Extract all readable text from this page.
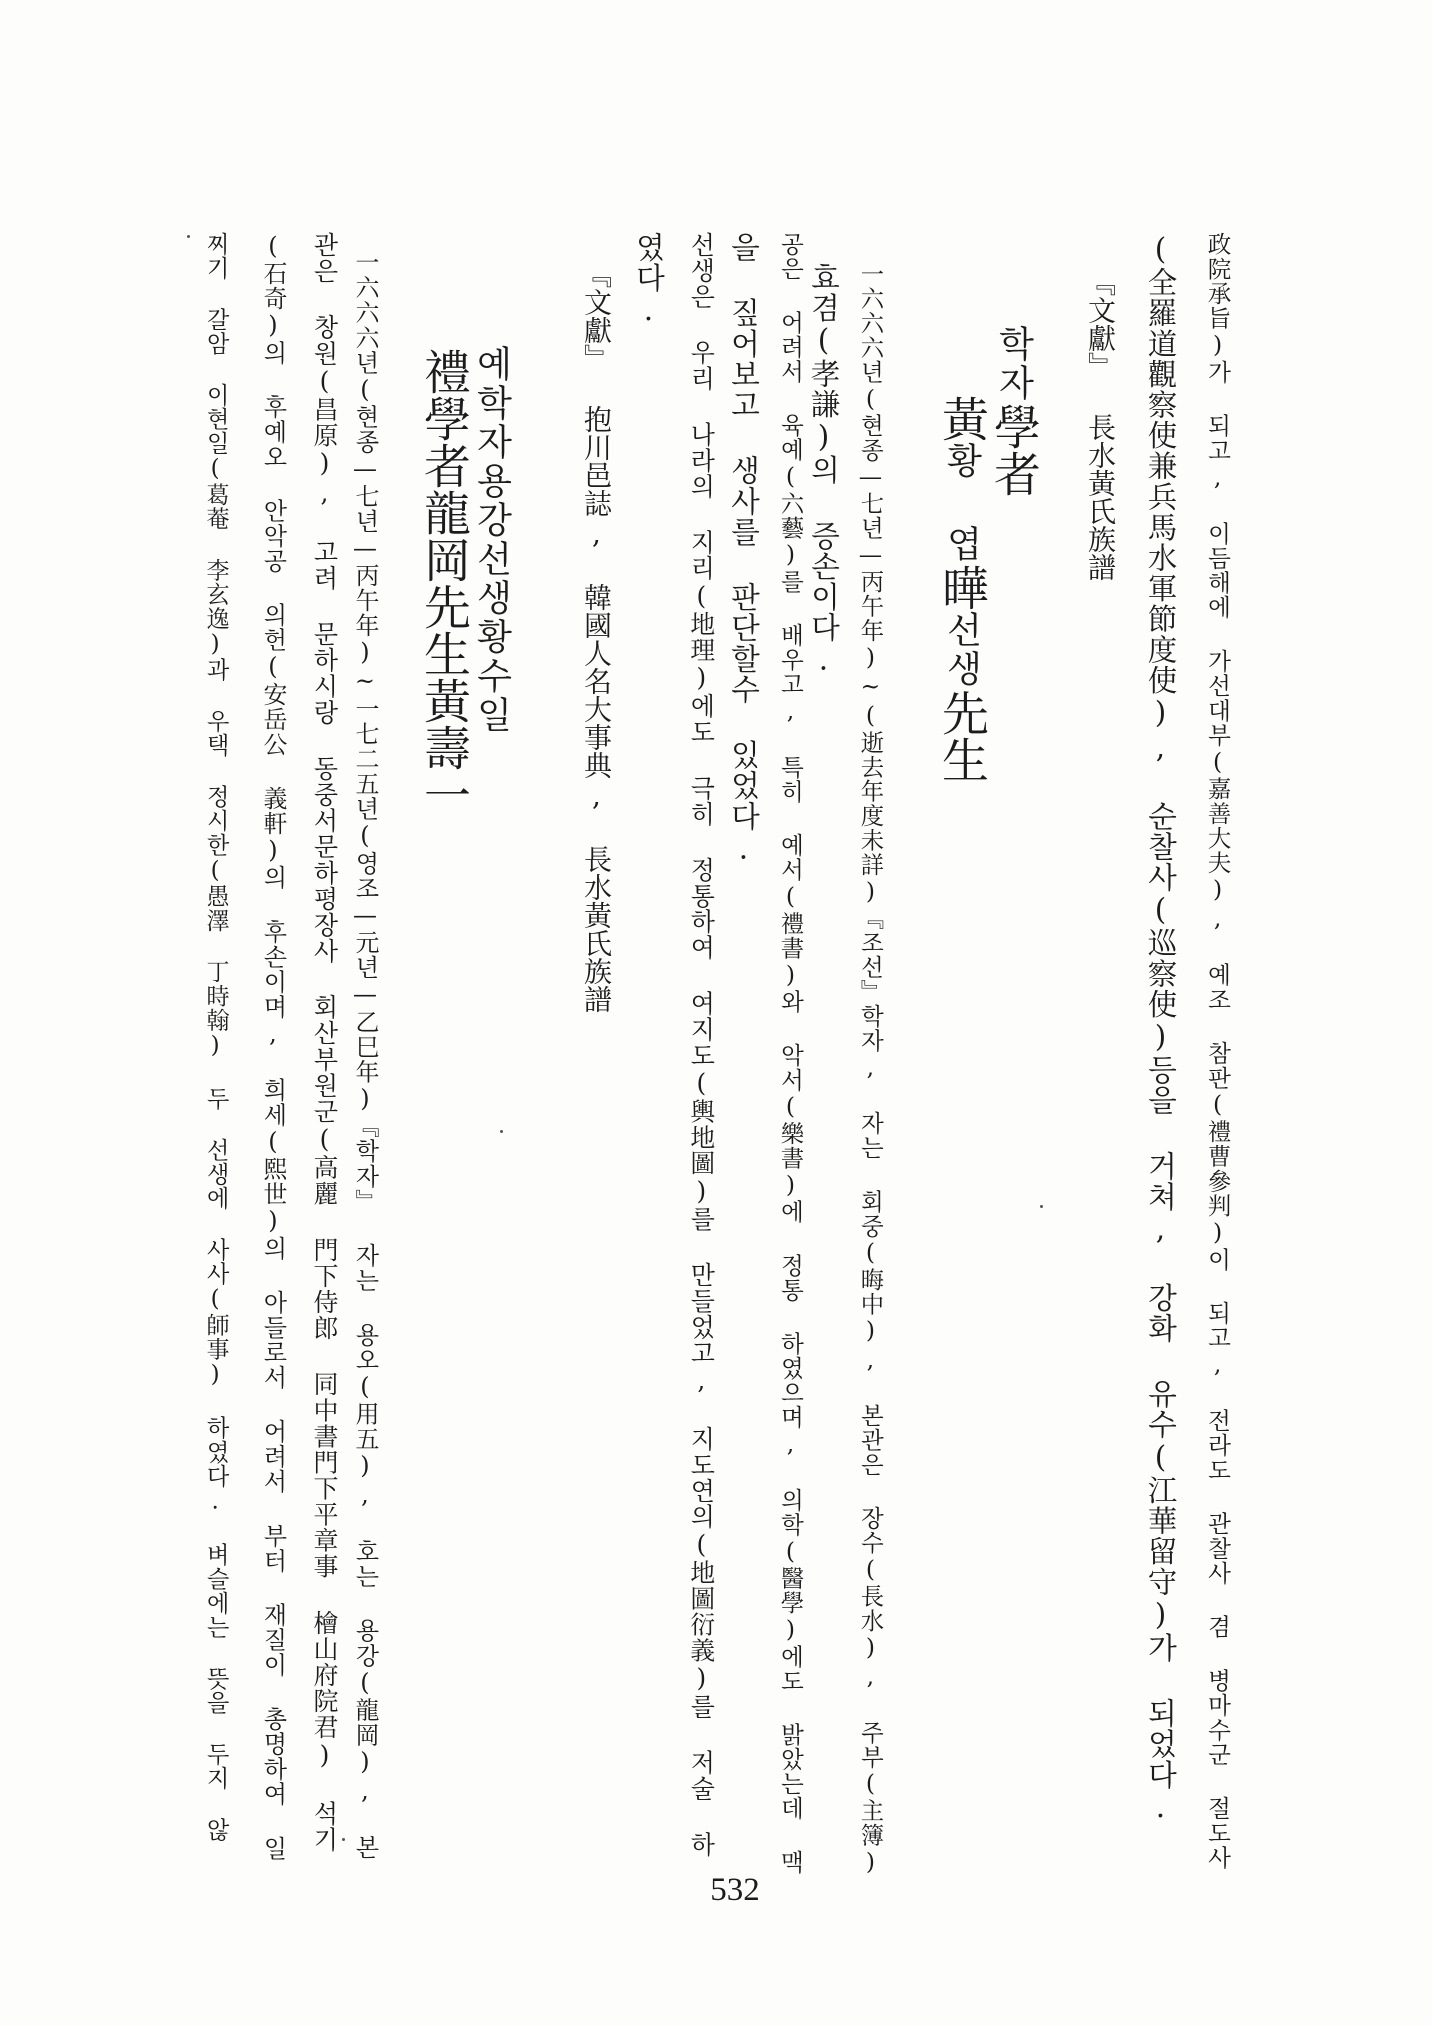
政院承旨)가 되고, 이듬해에 가선대부(嘉善大夫), 예조 참판(禮曹參判)이 되고, 전라도 관찰사 겸 병마수군 절도사

(全羅道觀察使兼兵馬水軍節度使), 순찰사(巡察使)등을 거쳐, 강화 유수(江華留守)가 되었다.

『文獻』 長水黃氏族譜

학자學者
黃황 엽曄선생先生

一六六六년(현종—七년—丙午年)~(逝去年度未詳)『조선』학자, 자는 회중(晦中), 본관은 장수(長水), 주부(主簿)

효겸(孝謙)의 증손이다.

공은 어려서 육예(六藝)를 배우고, 특히 예서(禮書)와 악서(樂書)에 정통 하였으며, 의학(醫學)에도 밝았는데 맥

을 짚어보고 생사를 판단할수 있었다.

선생은 우리 나라의 지리(地理)에도 극히 정통하여 여지도(輿地圖)를 만들었고, 지도연의(地圖衍義)를 저술 하

였다.

『文獻』 抱川邑誌, 韓國人名大事典, 長水黃氏族譜

예학자용강선생황수일
禮學者龍岡先生黃壽一

一六六六년(현종—七년—丙午年)~一七二五년(영조—元년—乙巳年)『학자』 자는 용오(用五), 호는 용강(龍岡), 본

관은 창원(昌原), 고려 문하시랑 동중서문하평장사 회산부원군(高麗 門下侍郎 同中書門下平章事 檜山府院君) 석기

(石奇)의 후예오 안악공 의헌(安岳公 義軒)의 후손이며, 희세(熙世)의 아들로서 어려서 부터 재질이 총명하여 일

찌기 갈암 이현일(葛菴 李玄逸)과 우택 정시한(愚澤 丁時翰) 두 선생에 사사(師事) 하였다. 벼슬에는 뜻을 두지 않

532
